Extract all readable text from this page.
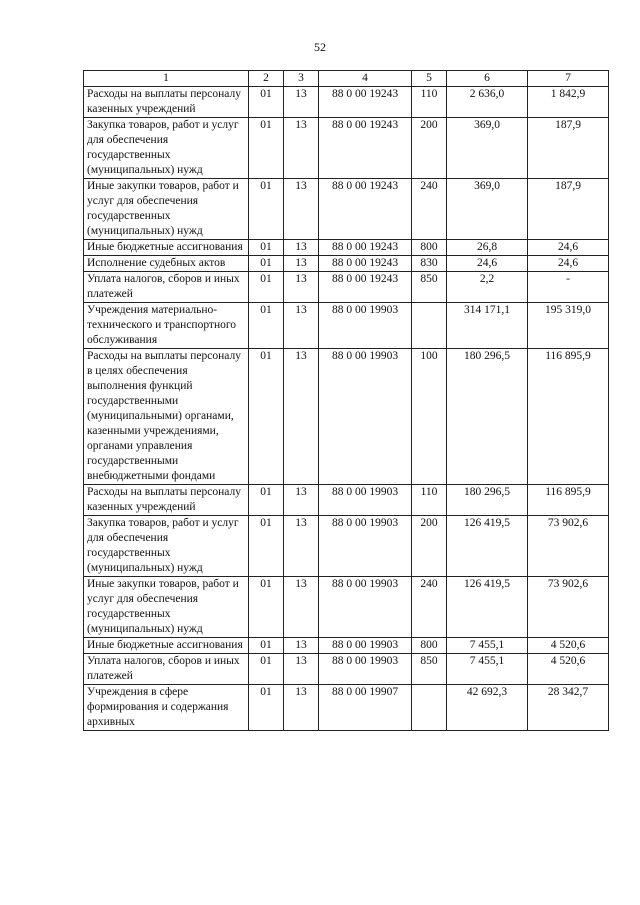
52
1	2	3	4	5	6	7
Расходы на выплаты персоналу казенных учреждений	01	13	88 0 00 19243	110	2 636,0	1 842,9
Закупка товаров, работ и услуг для обеспечения государственных (муниципальных) нужд	01	13	88 0 00 19243	200	369,0	187,9
Иные закупки товаров, работ и услуг для обеспечения государственных (муниципальных) нужд	01	13	88 0 00 19243	240	369,0	187,9
Иные бюджетные ассигнования	01	13	88 0 00 19243	800	26,8	24,6
Исполнение судебных актов	01	13	88 0 00 19243	830	24,6	24,6
Уплата налогов, сборов и иных платежей	01	13	88 0 00 19243	850	2,2	-
Учреждения материально-технического и транспортного обслуживания	01	13	88 0 00 19903		314 171,1	195 319,0
Расходы на выплаты персоналу в целях обеспечения выполнения функций государственными (муниципальными) органами, казенными учреждениями, органами управления государственными внебюджетными фондами	01	13	88 0 00 19903	100	180 296,5	116 895,9
Расходы на выплаты персоналу казенных учреждений	01	13	88 0 00 19903	110	180 296,5	116 895,9
Закупка товаров, работ и услуг для обеспечения государственных (муниципальных) нужд	01	13	88 0 00 19903	200	126 419,5	73 902,6
Иные закупки товаров, работ и услуг для обеспечения государственных (муниципальных) нужд	01	13	88 0 00 19903	240	126 419,5	73 902,6
Иные бюджетные ассигнования	01	13	88 0 00 19903	800	7 455,1	4 520,6
Уплата налогов, сборов и иных платежей	01	13	88 0 00 19903	850	7 455,1	4 520,6
Учреждения в сфере формирования и содержания архивных	01	13	88 0 00 19907		42 692,3	28 342,7
